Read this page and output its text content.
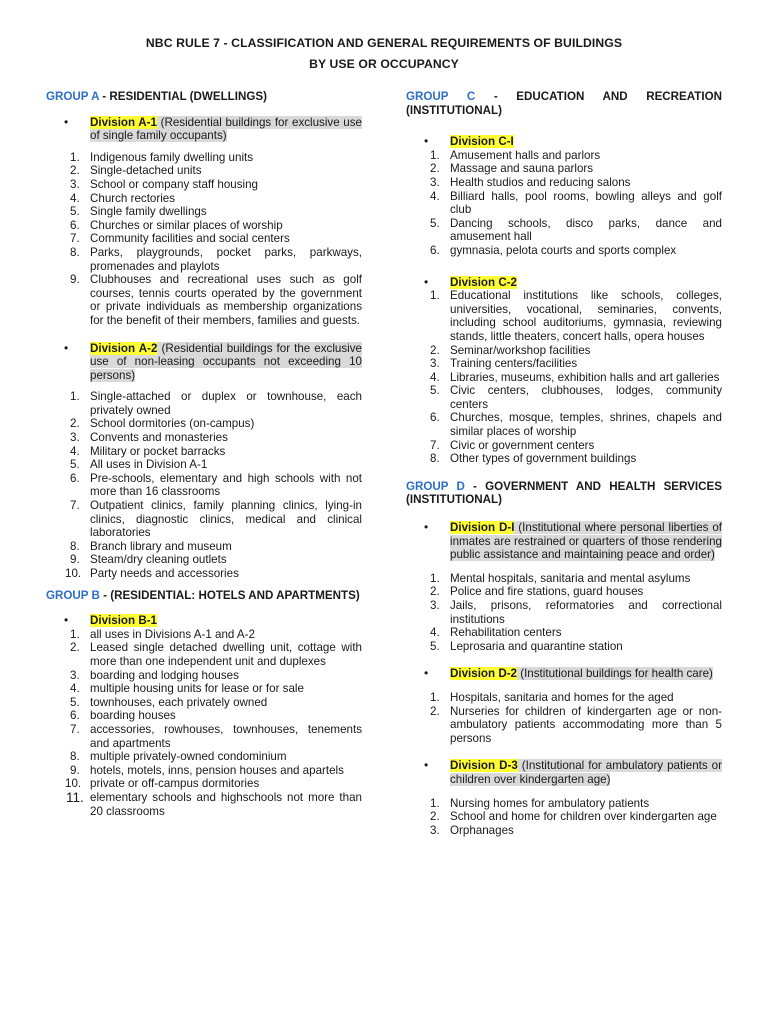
NBC RULE 7 - CLASSIFICATION AND GENERAL REQUIREMENTS OF BUILDINGS
BY USE OR OCCUPANCY

GROUP A - RESIDENTIAL (DWELLINGS)

• Division A-1 (Residential buildings for exclusive use of single family occupants)

1. Indigenous family dwelling units
2. Single-detached units
3. School or company staff housing
4. Church rectories
5. Single family dwellings
6. Churches or similar places of worship
7. Community facilities and social centers
8. Parks, playgrounds, pocket parks, parkways, promenades and playlots
9. Clubhouses and recreational uses such as golf courses, tennis courts operated by the government or private individuals as membership organizations for the benefit of their members, families and guests.

• Division A-2 (Residential buildings for the exclusive use of non-leasing occupants not exceeding 10 persons)

1. Single-attached or duplex or townhouse, each privately owned
2. School dormitories (on-campus)
3. Convents and monasteries
4. Military or pocket barracks
5. All uses in Division A-1
6. Pre-schools, elementary and high schools with not more than 16 classrooms
7. Outpatient clinics, family planning clinics, lying-in clinics, diagnostic clinics, medical and clinical laboratories
8. Branch library and museum
9. Steam/dry cleaning outlets
10. Party needs and accessories

GROUP B - (RESIDENTIAL: HOTELS AND APARTMENTS)

• Division B-1

1. all uses in Divisions A-1 and A-2
2. Leased single detached dwelling unit, cottage with more than one independent unit and duplexes
3. boarding and lodging houses
4. multiple housing units for lease or for sale
5. townhouses, each privately owned
6. boarding houses
7. accessories, rowhouses, townhouses, tenements and apartments
8. multiple privately-owned condominium
9. hotels, motels, inns, pension houses and apartels
10. private or off-campus dormitories
11. elementary schools and highschools not more than 20 classrooms

GROUP C - EDUCATION AND RECREATION (INSTITUTIONAL)

• Division C-I

1. Amusement halls and parlors
2. Massage and sauna parlors
3. Health studios and reducing salons
4. Billiard halls, pool rooms, bowling alleys and golf club
5. Dancing schools, disco parks, dance and amusement hall
6. gymnasia, pelota courts and sports complex

• Division C-2

1. Educational institutions like schools, colleges, universities, vocational, seminaries, convents, including school auditoriums, gymnasia, reviewing stands, little theaters, concert halls, opera houses
2. Seminar/workshop facilities
3. Training centers/facilities
4. Libraries, museums, exhibition halls and art galleries
5. Civic centers, clubhouses, lodges, community centers
6. Churches, mosque, temples, shrines, chapels and similar places of worship
7. Civic or government centers
8. Other types of government buildings

GROUP D - GOVERNMENT AND HEALTH SERVICES (INSTITUTIONAL)

• Division D-I (Institutional where personal liberties of inmates are restrained or quarters of those rendering public assistance and maintaining peace and order)

1. Mental hospitals, sanitaria and mental asylums
2. Police and fire stations, guard houses
3. Jails, prisons, reformatories and correctional institutions
4. Rehabilitation centers
5. Leprosaria and quarantine station

• Division D-2 (Institutional buildings for health care)

1. Hospitals, sanitaria and homes for the aged
2. Nurseries for children of kindergarten age or non-ambulatory patients accommodating more than 5 persons

• Division D-3 (Institutional for ambulatory patients or children over kindergarten age)

1. Nursing homes for ambulatory patients
2. School and home for children over kindergarten age
3. Orphanages
